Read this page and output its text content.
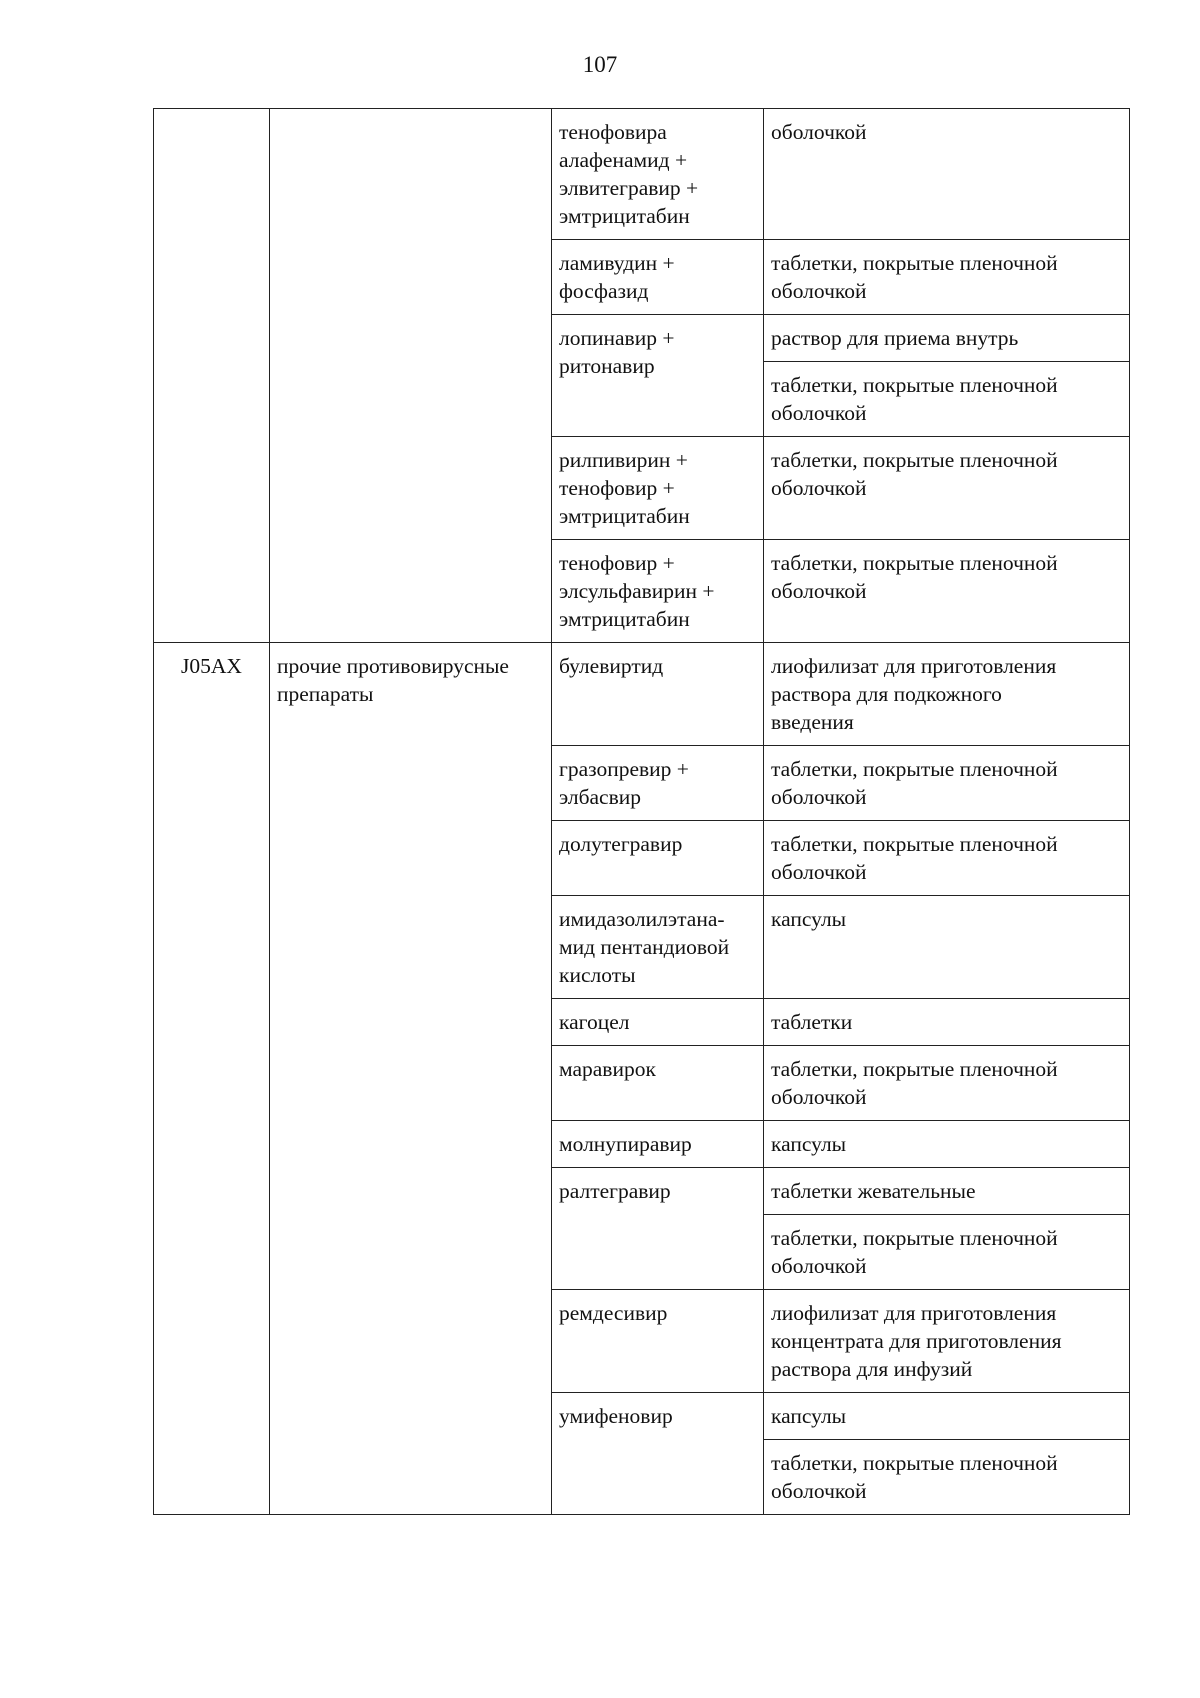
107
		тенофовира
алафенамид +
элвитегравир +
эмтрицитабин	оболочкой
		ламивудин +
фосфазид	таблетки, покрытые пленочной
оболочкой
		лопинавир +
ритонавир	раствор для приема внутрь
			таблетки, покрытые пленочной
оболочкой
		рилпивирин +
тенофовир +
эмтрицитабин	таблетки, покрытые пленочной
оболочкой
		тенофовир +
элсульфавирин +
эмтрицитабин	таблетки, покрытые пленочной
оболочкой
J05AX	прочие противовирусные
препараты	булевиртид	лиофилизат для приготовления
раствора для подкожного
введения
		гразопревир +
элбасвир	таблетки, покрытые пленочной
оболочкой
		долутегравир	таблетки, покрытые пленочной
оболочкой
		имидазолилэтана-
мид пентандиовой
кислоты	капсулы
		кагоцел	таблетки
		маравирок	таблетки, покрытые пленочной
оболочкой
		молнупиравир	капсулы
		ралтегравир	таблетки жевательные
			таблетки, покрытые пленочной
оболочкой
		ремдесивир	лиофилизат для приготовления
концентрата для приготовления
раствора для инфузий
		умифеновир	капсулы
			таблетки, покрытые пленочной
оболочкой
